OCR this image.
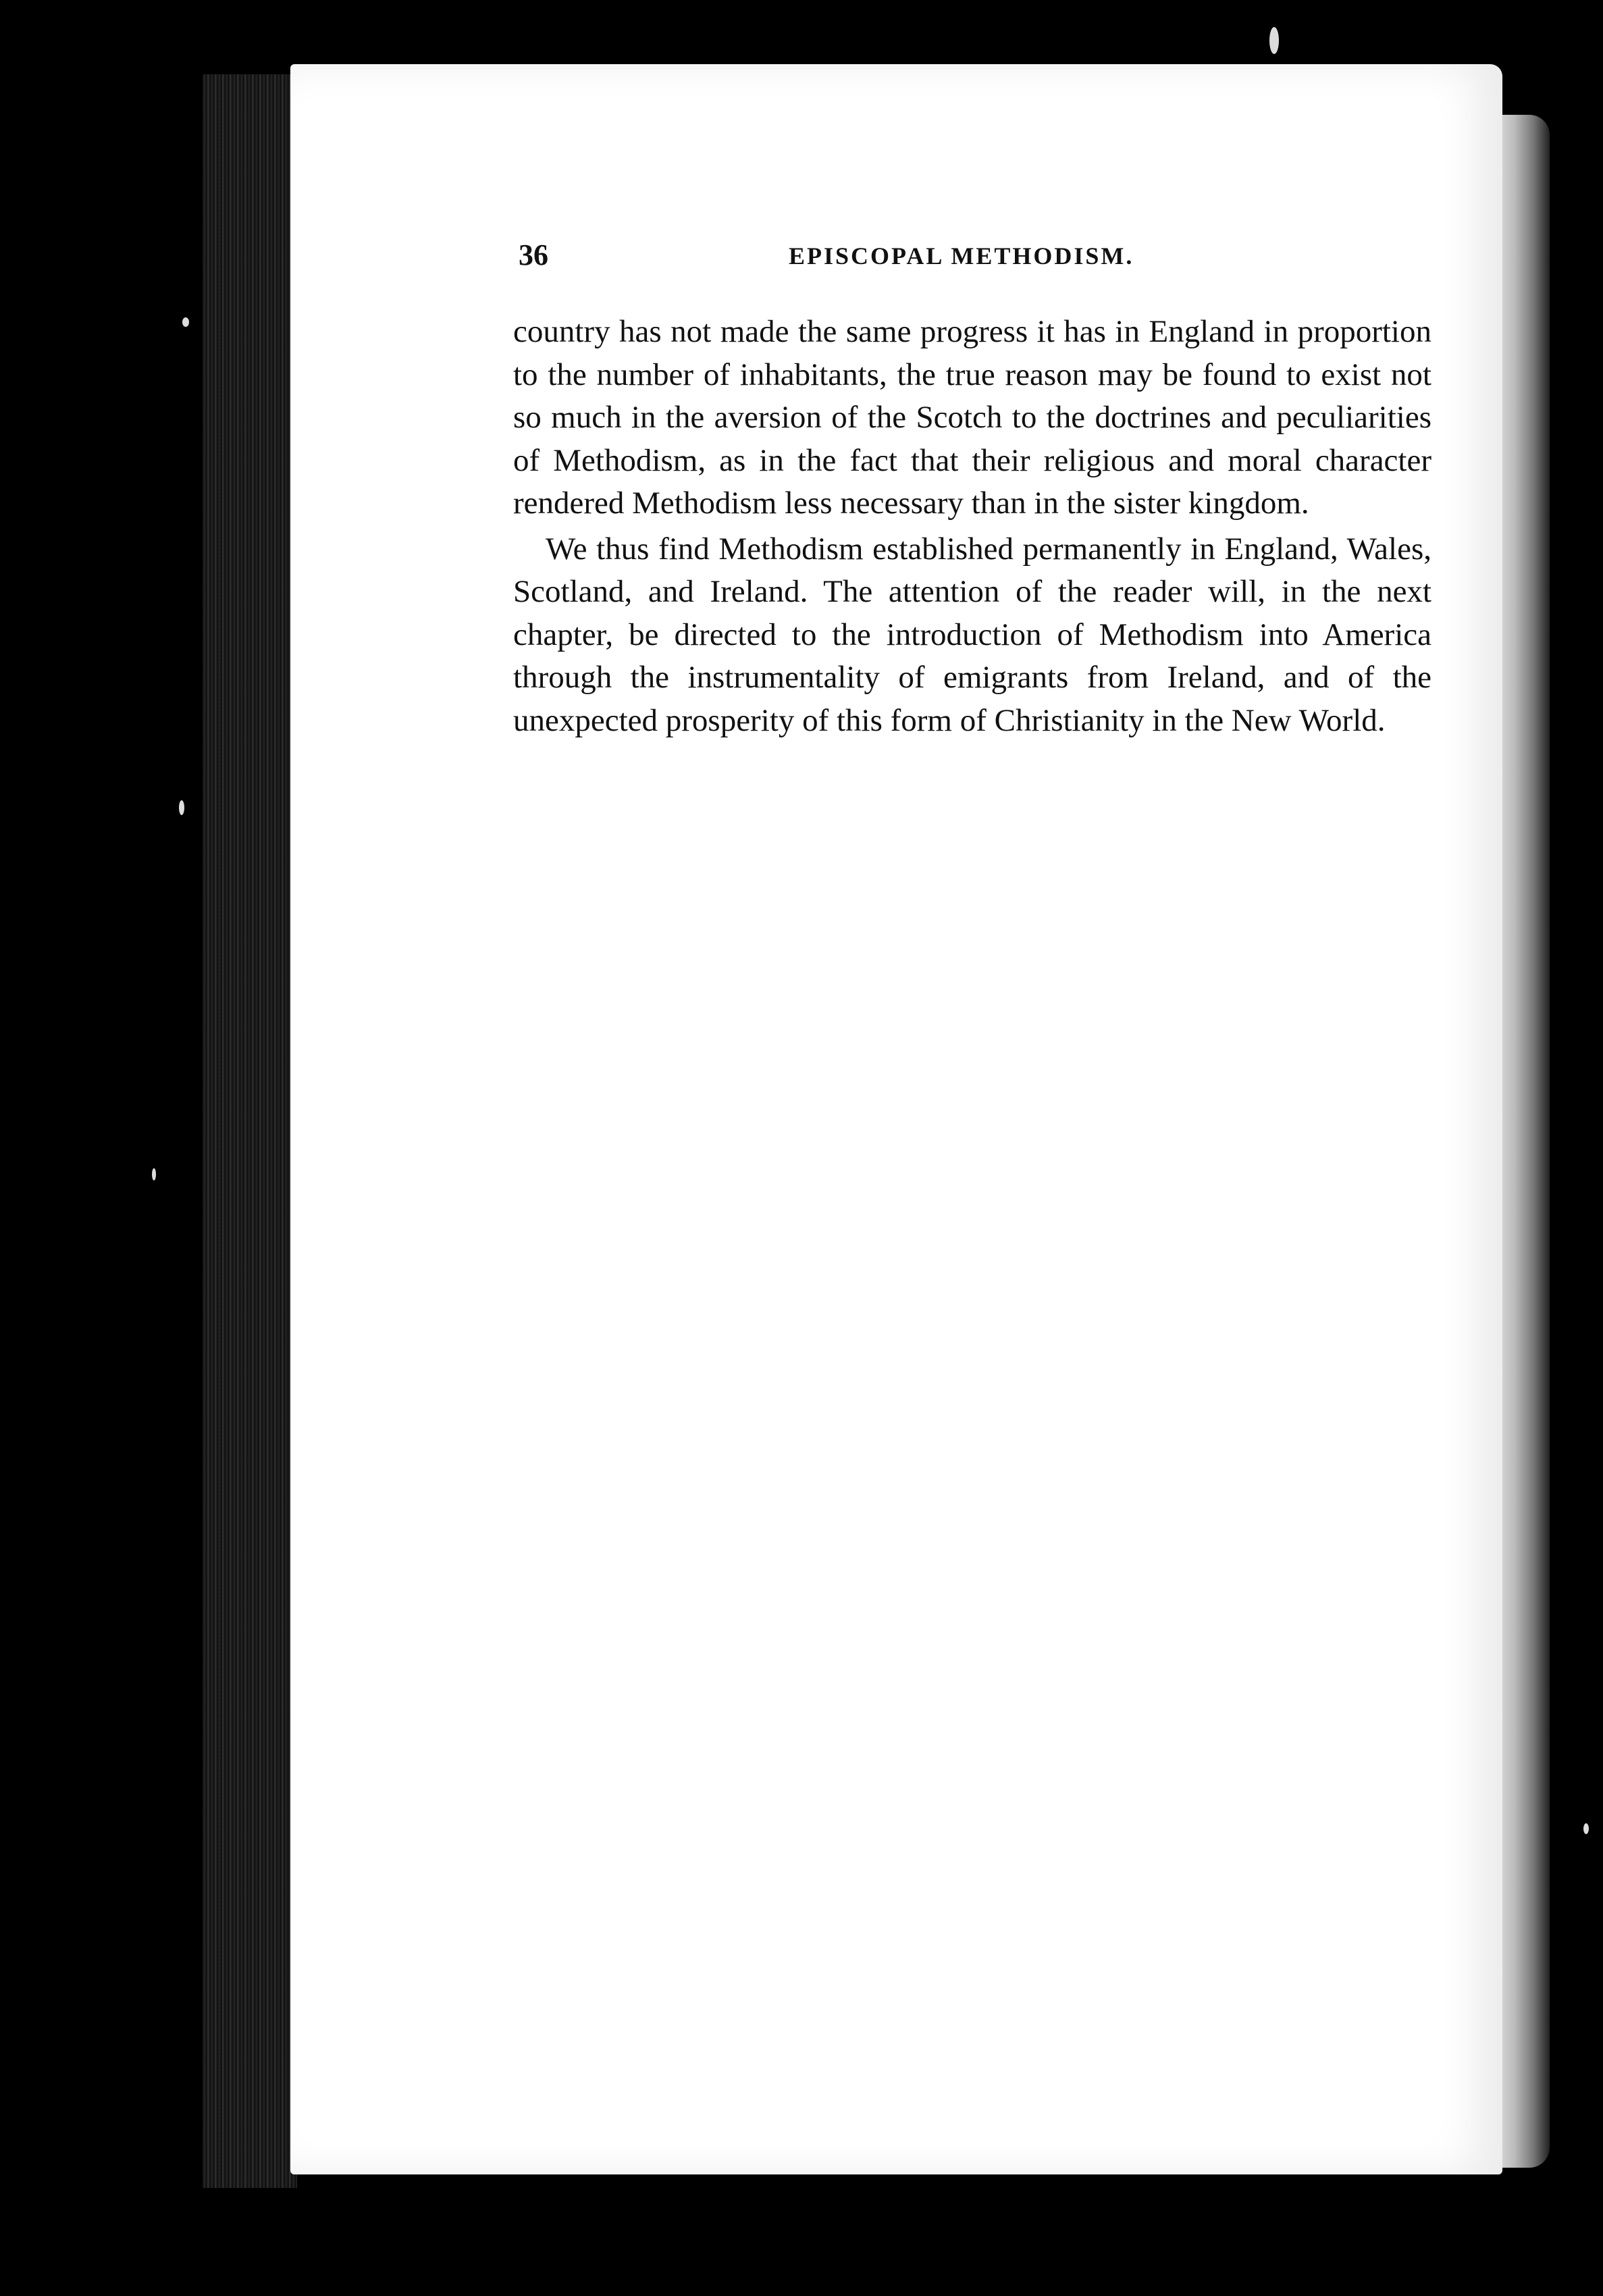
36	EPISCOPAL METHODISM.

country has not made the same progress it has in England in proportion to the number of inhabitants, the true reason may be found to exist not so much in the aversion of the Scotch to the doctrines and peculiarities of Methodism, as in the fact that their religious and moral character rendered Methodism less necessary than in the sister kingdom.

We thus find Methodism established permanently in England, Wales, Scotland, and Ireland. The attention of the reader will, in the next chapter, be directed to the introduction of Methodism into America through the instrumentality of emigrants from Ireland, and of the unexpected prosperity of this form of Christianity in the New World.
